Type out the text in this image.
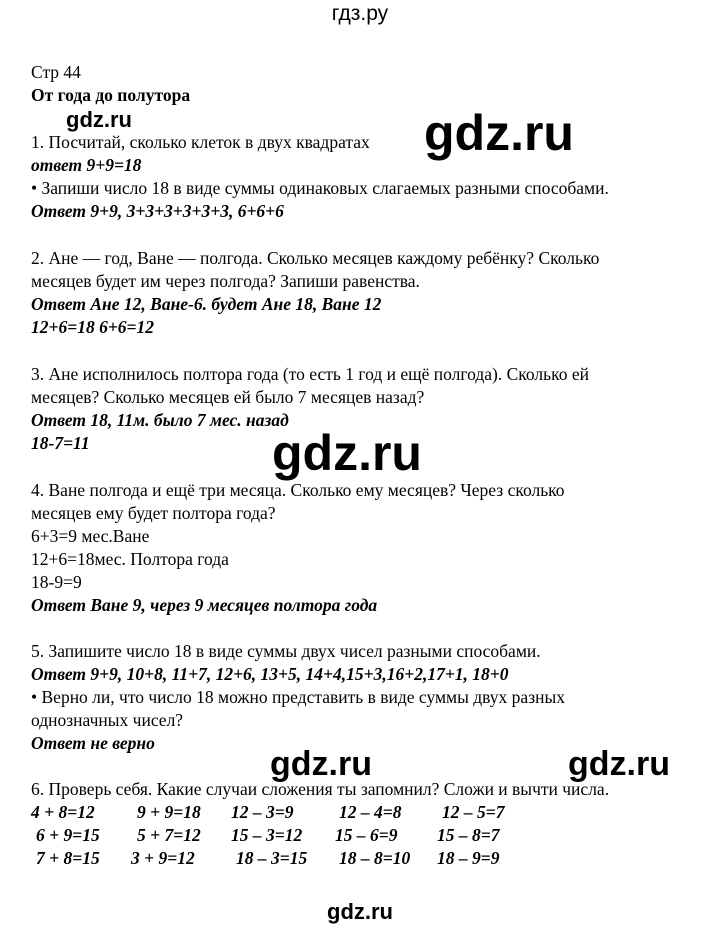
гдз.ру
Стр 44
От года до полутора
1. Посчитай, сколько клеток в двух квадратах
ответ 9+9=18
• Запиши число 18 в виде суммы одинаковых слагаемых разными способами.
Ответ 9+9, 3+3+3+3+3+3, 6+6+6
2. Ане — год, Ване — полгода. Сколько месяцев каждому ребёнку? Сколько
месяцев будет им через полгода? Запиши равенства.
Ответ Ане 12, Ване-6. будет Ане 18, Ване 12
12+6=18 6+6=12
3. Ане исполнилось полтора года (то есть 1 год и ещё полгода). Сколько ей
месяцев? Сколько месяцев ей было 7 месяцев назад?
Ответ 18, 11м. было 7 мес. назад
18-7=11
4. Ване полгода и ещё три месяца. Сколько ему месяцев? Через сколько
месяцев ему будет полтора года?
6+3=9 мес.Ване
12+6=18мес. Полтора года
18-9=9
Ответ Ване 9, через 9 месяцев полтора года
5. Запишите число 18 в виде суммы двух чисел разными способами.
Ответ 9+9, 10+8, 11+7, 12+6, 13+5, 14+4,15+3,16+2,17+1, 18+0
• Верно ли, что число 18 можно представить в виде суммы двух разных
однозначных чисел?
Ответ не верно
6. Проверь себя. Какие случаи сложения ты запомнил? Сложи и вычти числа.
4 + 8=12 9 + 9=18 12 – 3=9	12 – 4=8 12 – 5=7
6 + 9=15 5 + 7=12 15 – 3=12 15 – 6=9 15 – 8=7
7 + 8=15 3 + 9=12 18 – 3=15 18 – 8=10 18 – 9=9
gdz.ru	gdz.ru
gdz.ru
gdz.ru	gdz.ru
gdz.ru
